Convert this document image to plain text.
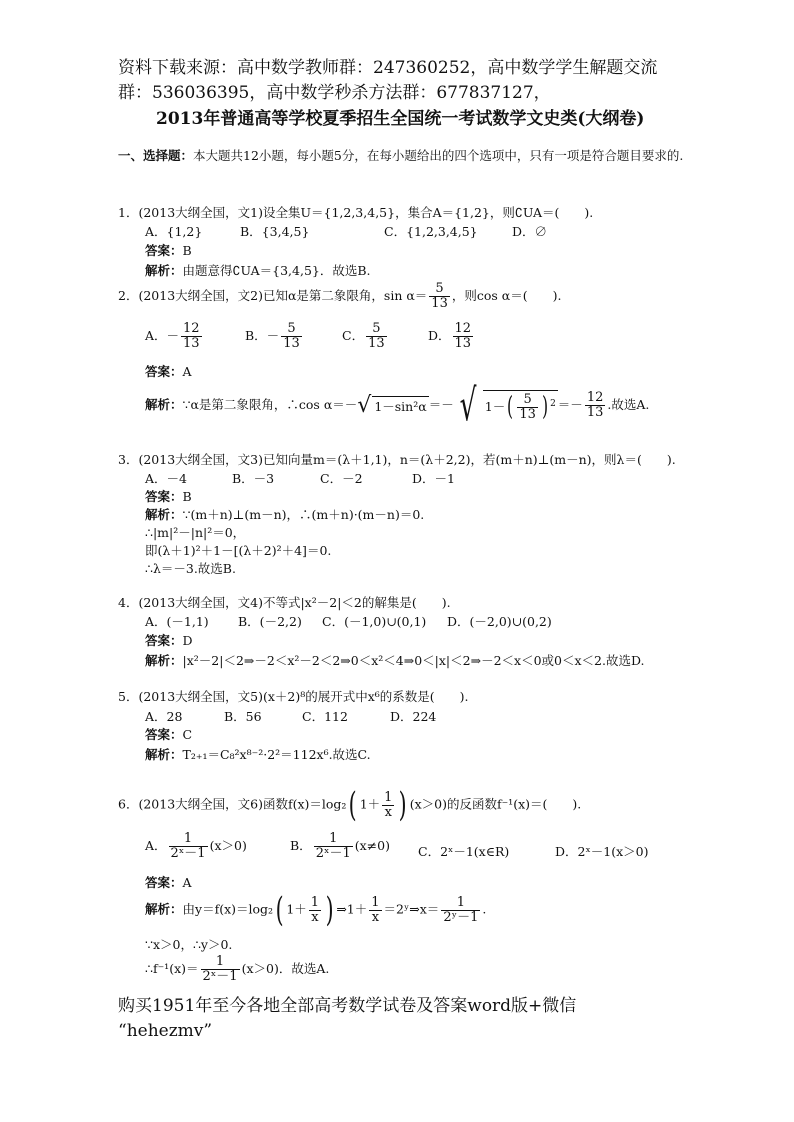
资料下载来源：高中数学教师群：247360252，高中数学学生解题交流群：536036395，高中数学秒杀方法群：677837127，
2013年普通高等学校夏季招生全国统一考试数学文史类(大纲卷)
一、选择题：本大题共12小题，每小题5分，在每小题给出的四个选项中，只有一项是符合题目要求的.
1．(2013大纲全国，文1)设全集U＝{1,2,3,4,5}，集合A＝{1,2}，则∁UA＝(　　).
A．{1,2}	B．{3,4,5}	C．{1,2,3,4,5}	D．∅
答案：B
解析：由题意得∁UA＝{3,4,5}．故选B.
2．(2013大纲全国，文2)已知α是第二象限角，$\sin \alpha= \frac{5}{13}$ ，则cos α＝(　　).
A．－ $\frac{12}{13}$	B．－ $\frac{5}{13}$	C． $\frac{5}{13}$	D． $\frac{12}{13}$
答案：A
解析：∵α是第二象限角，∴cos α＝－√ 1－sin²α ＝－ √ $1-( \frac{5}{13}$ ) $^2 =- \frac{12}{13}$ .故选A.
3．(2013大纲全国，文3)已知向量m＝(λ＋1,1)，n＝(λ＋2,2)，若(m＋n)⊥(m－n)，则λ＝(　　).
A．－4	B．－3	C．－2	D．－1
答案：B
解析：∵(m＋n)⊥(m－n)，∴(m＋n)·(m－n)＝0.
∴|m|²－|n|²＝0，
即(λ＋1)²＋1－[(λ＋2)²＋4]＝0.
∴λ＝－3.故选B.
4．(2013大纲全国，文4)不等式|x²－2|＜2的解集是(　　).
A．(－1,1) B．(－2,2) C．(－1,0)∪(0,1) D．(－2,0)∪(0,2)
答案：D
解析：|x²－2|＜2⇒－2＜x²－2＜2⇒0＜x²＜4⇒0＜|x|＜2⇒－2＜x＜0或0＜x＜2.故选D.
5．(2013大纲全国，文5)(x＋2)⁸的展开式中x⁶的系数是(　　).
A．28	B．56	C．112	D．224
答案：C
解析：T₂₊₁＝C₈²x⁸⁻²·2²＝112x⁶.故选C.
6．(2013大纲全国，文6)函数f(x)＝log₂( $1+ \frac{1}{x}$ ) (x＞0)的反函数f⁻¹(x)＝(　　).
A． $\frac{1}{\text{2ˣ－1}} (x>0)$	B． $\frac{1}{\text{2ˣ－1}} (x\ne 0)$ C．2ˣ－1(x∈R)	D．2ˣ－1(x＞0)
答案：A
解析：由y＝f(x)＝log₂( $1+ \frac{1}{x}$ ) ⇒1＋ $\frac{1}{x}$ ＝2ʸ⇒x＝ $\frac{1}{\text{2ʸ－1}}$ .
∵x＞0，∴y＞0.
∴f⁻¹(x)＝ $\frac{1}{\text{2ˣ－1}} (x>0)$．故选A.
购买1951年至今各地全部高考数学试卷及答案word版+微信
“hehezmv”
